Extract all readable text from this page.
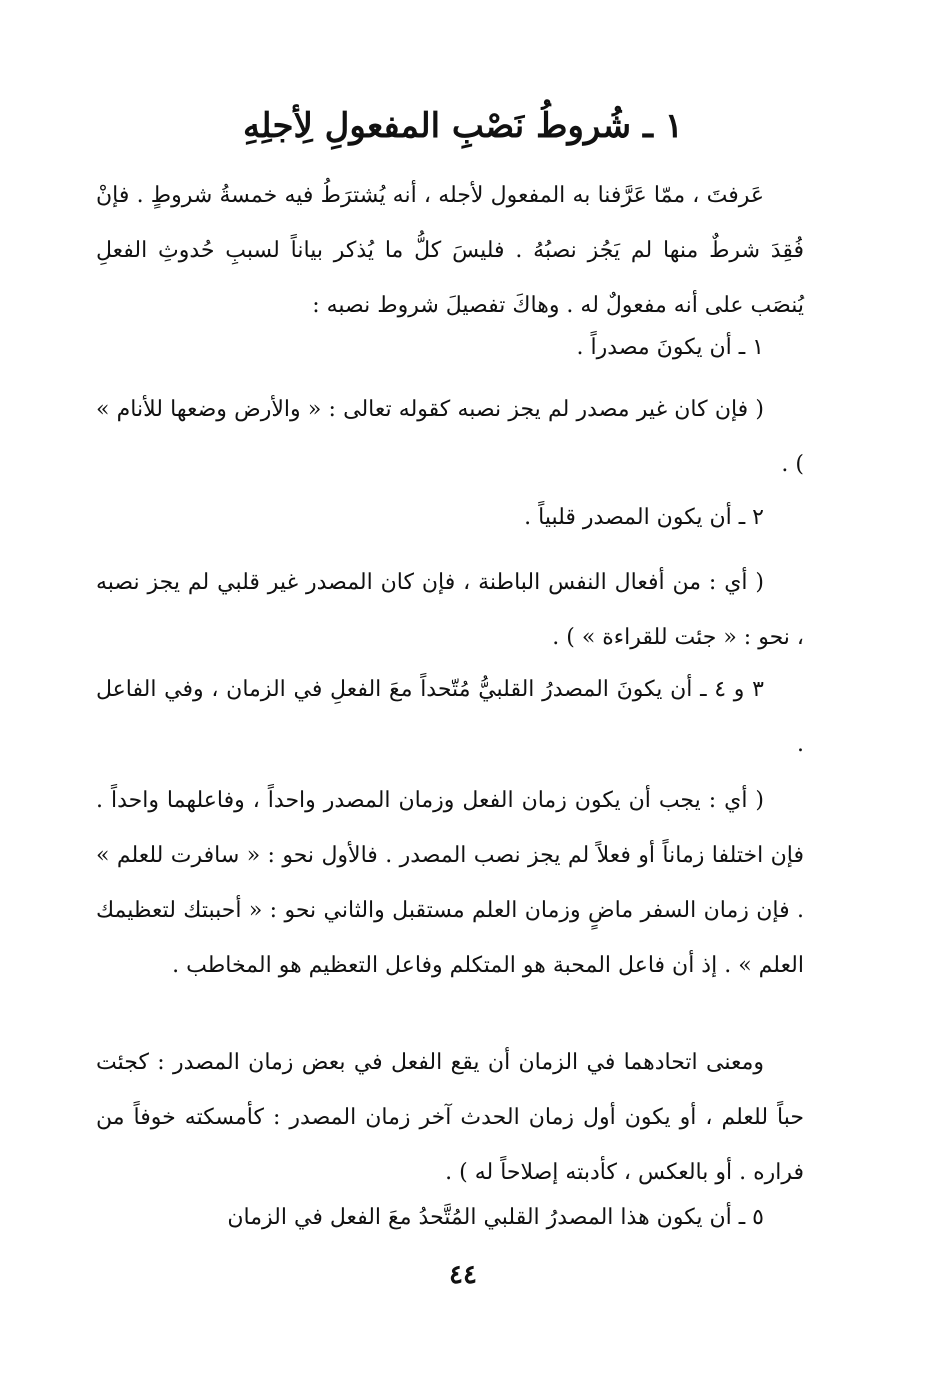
١ ـ شُروطُ نَصْبِ المفعولِ لِأجلِهِ
عَرفتَ ، ممّا عَرَّفنا به المفعول لأجله ، أنه يُشترَطُ فيه خمسةُ شروطٍ . فإنْ فُقِدَ شرطٌ منها لم يَجُز نصبُهُ . فليسَ كلُّ ما يُذكر بياناً لسببِ حُدوثِ الفعلِ يُنصَب على أنه مفعولٌ له . وهاكَ تفصيلَ شروط نصبه :
١ ـ أن يكونَ مصدراً .
( فإن كان غير مصدر لم يجز نصبه كقوله تعالى : « والأرض وضعها للأنام » ) .
٢ ـ أن يكون المصدر قلبياً .
( أي : من أفعال النفس الباطنة ، فإن كان المصدر غير قلبي لم يجز نصبه ، نحو : « جئت للقراءة » ) .
٣ و ٤ ـ أن يكونَ المصدرُ القلبيُّ مُتّحداً معَ الفعلِ في الزمان ، وفي الفاعل .
( أي : يجب أن يكون زمان الفعل وزمان المصدر واحداً ، وفاعلهما واحداً . فإن اختلفا زماناً أو فعلاً لم يجز نصب المصدر . فالأول نحو : « سافرت للعلم » . فإن زمان السفر ماضٍ وزمان العلم مستقبل والثاني نحو : « أحببتك لتعظيمك العلم » . إذ أن فاعل المحبة هو المتكلم وفاعل التعظيم هو المخاطب .
ومعنى اتحادهما في الزمان أن يقع الفعل في بعض زمان المصدر : كجئت حباً للعلم ، أو يكون أول زمان الحدث آخر زمان المصدر : كأمسكته خوفاً من فراره . أو بالعكس ، كأدبته إصلاحاً له ) .
٥ ـ أن يكون هذا المصدرُ القلبي المُتَّحدُ معَ الفعل في الزمان
٤٤
